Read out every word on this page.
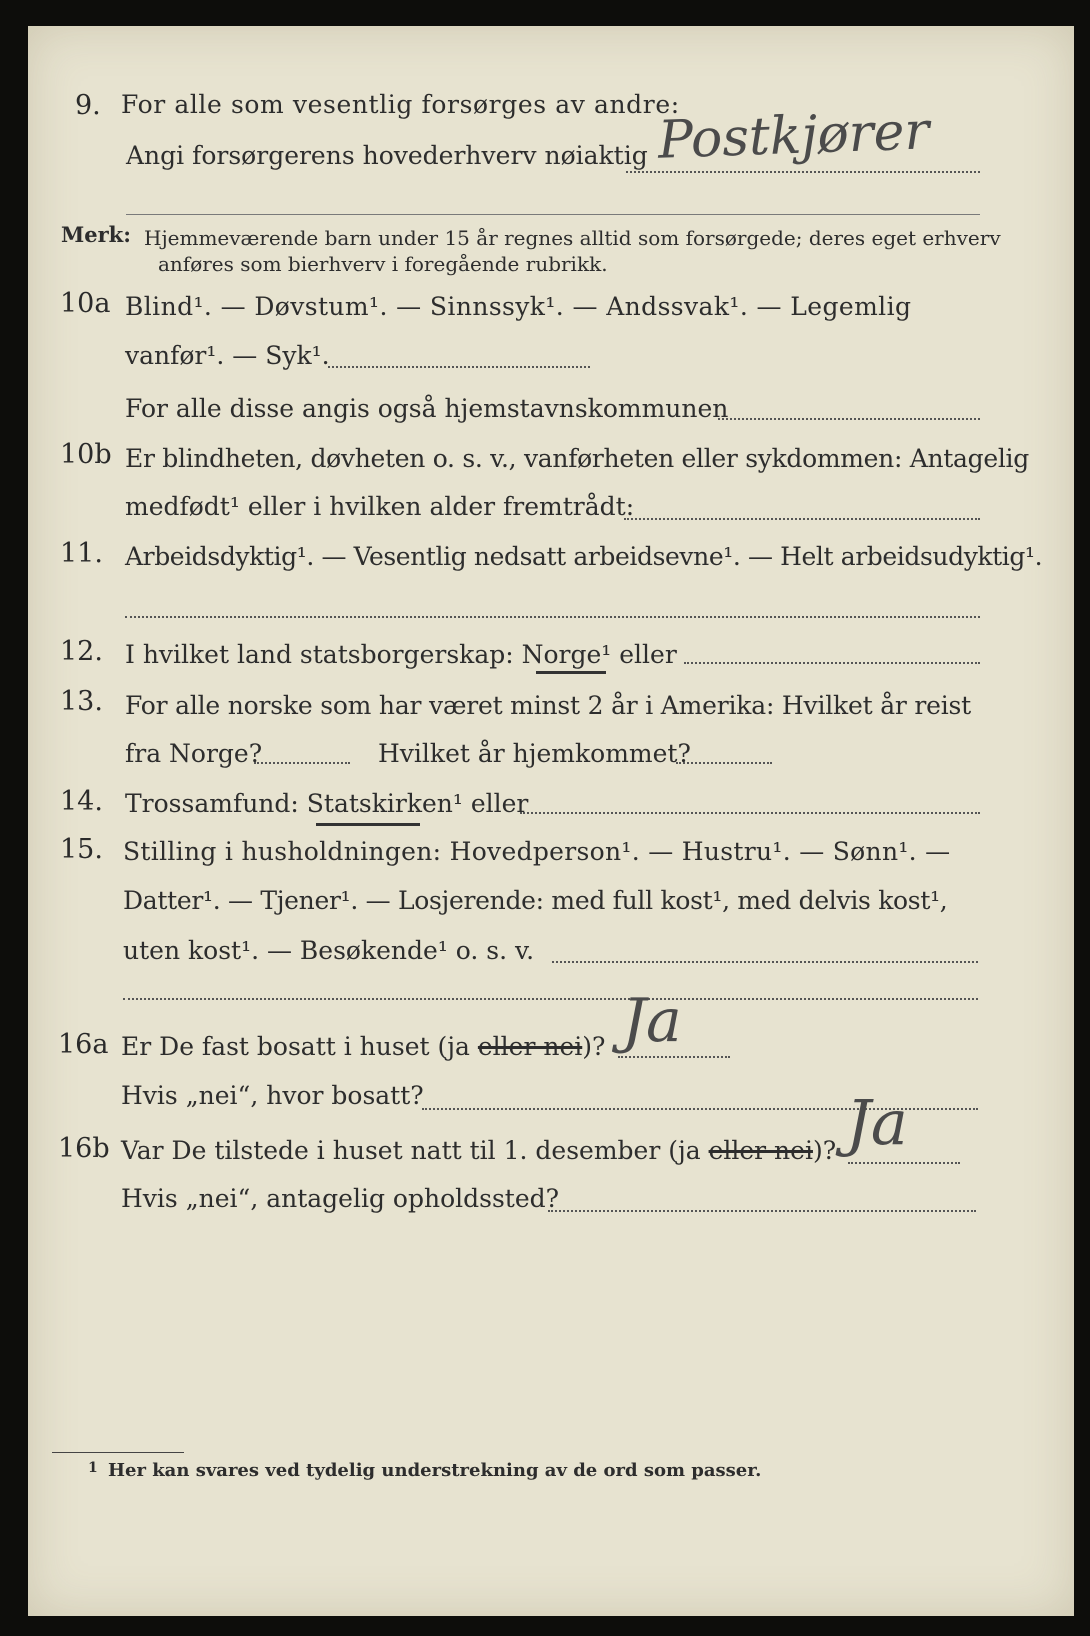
9. For alle som vesentlig forsørges av andre:
Angi forsørgerens hovederhverv nøiaktig Postkjører
Merk: Hjemmeværende barn under 15 år regnes alltid som forsørgede; deres eget erhverv
anføres som bierhverv i foregående rubrikk.
10a Blind¹. — Døvstum¹. — Sinnssyk¹. — Andssvak¹. — Legemlig
vanfør¹. — Syk¹.
For alle disse angis også hjemstavnskommunen
10b Er blindheten, døvheten o. s. v., vanførheten eller sykdommen: Antagelig
medfødt¹ eller i hvilken alder fremtrådt:
11. Arbeidsdyktig¹. — Vesentlig nedsatt arbeidsevne¹. — Helt arbeidsudyktig¹.
12. I hvilket land statsborgerskap: Norge¹ eller
13. For alle norske som har været minst 2 år i Amerika: Hvilket år reist
fra Norge?	Hvilket år hjemkommet?
14. Trossamfund: Statskirken¹ eller
15. Stilling i husholdningen: Hovedperson¹. — Hustru¹. — Sønn¹. —
Datter¹. — Tjener¹. — Losjerende: med full kost¹, med delvis kost¹,
uten kost¹. — Besøkende¹ o. s. v.
16a Er De fast bosatt i huset (ja eller nei)? Ja
Hvis „nei“, hvor bosatt?
16b Var De tilstede i huset natt til 1. desember (ja eller nei)? Ja
Hvis „nei“, antagelig opholdssted?
1 Her kan svares ved tydelig understrekning av de ord som passer.
